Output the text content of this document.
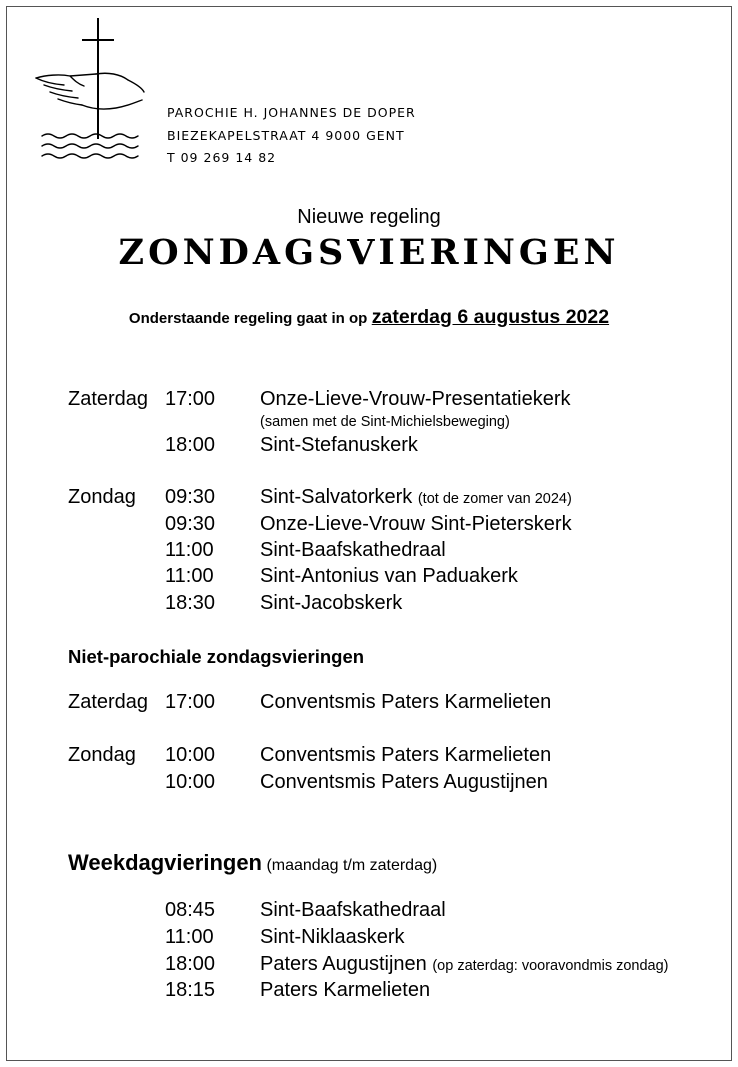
PAROCHIE H. JOHANNES DE DOPER
BIEZEKAPELSTRAAT 4 9000 GENT
T 09 269 14 82
Nieuwe regeling
ZONDAGSVIERINGEN
Onderstaande regeling gaat in op zaterdag 6 augustus 2022
Zaterdag 17:00 Onze-Lieve-Vrouw-Presentatiekerk
(samen met de Sint-Michielsbeweging)
18:00 Sint-Stefanuskerk
Zondag 09:30 Sint-Salvatorkerk (tot de zomer van 2024)
09:30 Onze-Lieve-Vrouw Sint-Pieterskerk
11:00 Sint-Baafskathedraal
11:00 Sint-Antonius van Paduakerk
18:30 Sint-Jacobskerk
Niet-parochiale zondagsvieringen
Zaterdag 17:00 Conventsmis Paters Karmelieten
Zondag 10:00 Conventsmis Paters Karmelieten
10:00 Conventsmis Paters Augustijnen
Weekdagvieringen (maandag t/m zaterdag)
08:45 Sint-Baafskathedraal
11:00 Sint-Niklaaskerk
18:00 Paters Augustijnen (op zaterdag: vooravondmis zondag)
18:15 Paters Karmelieten
